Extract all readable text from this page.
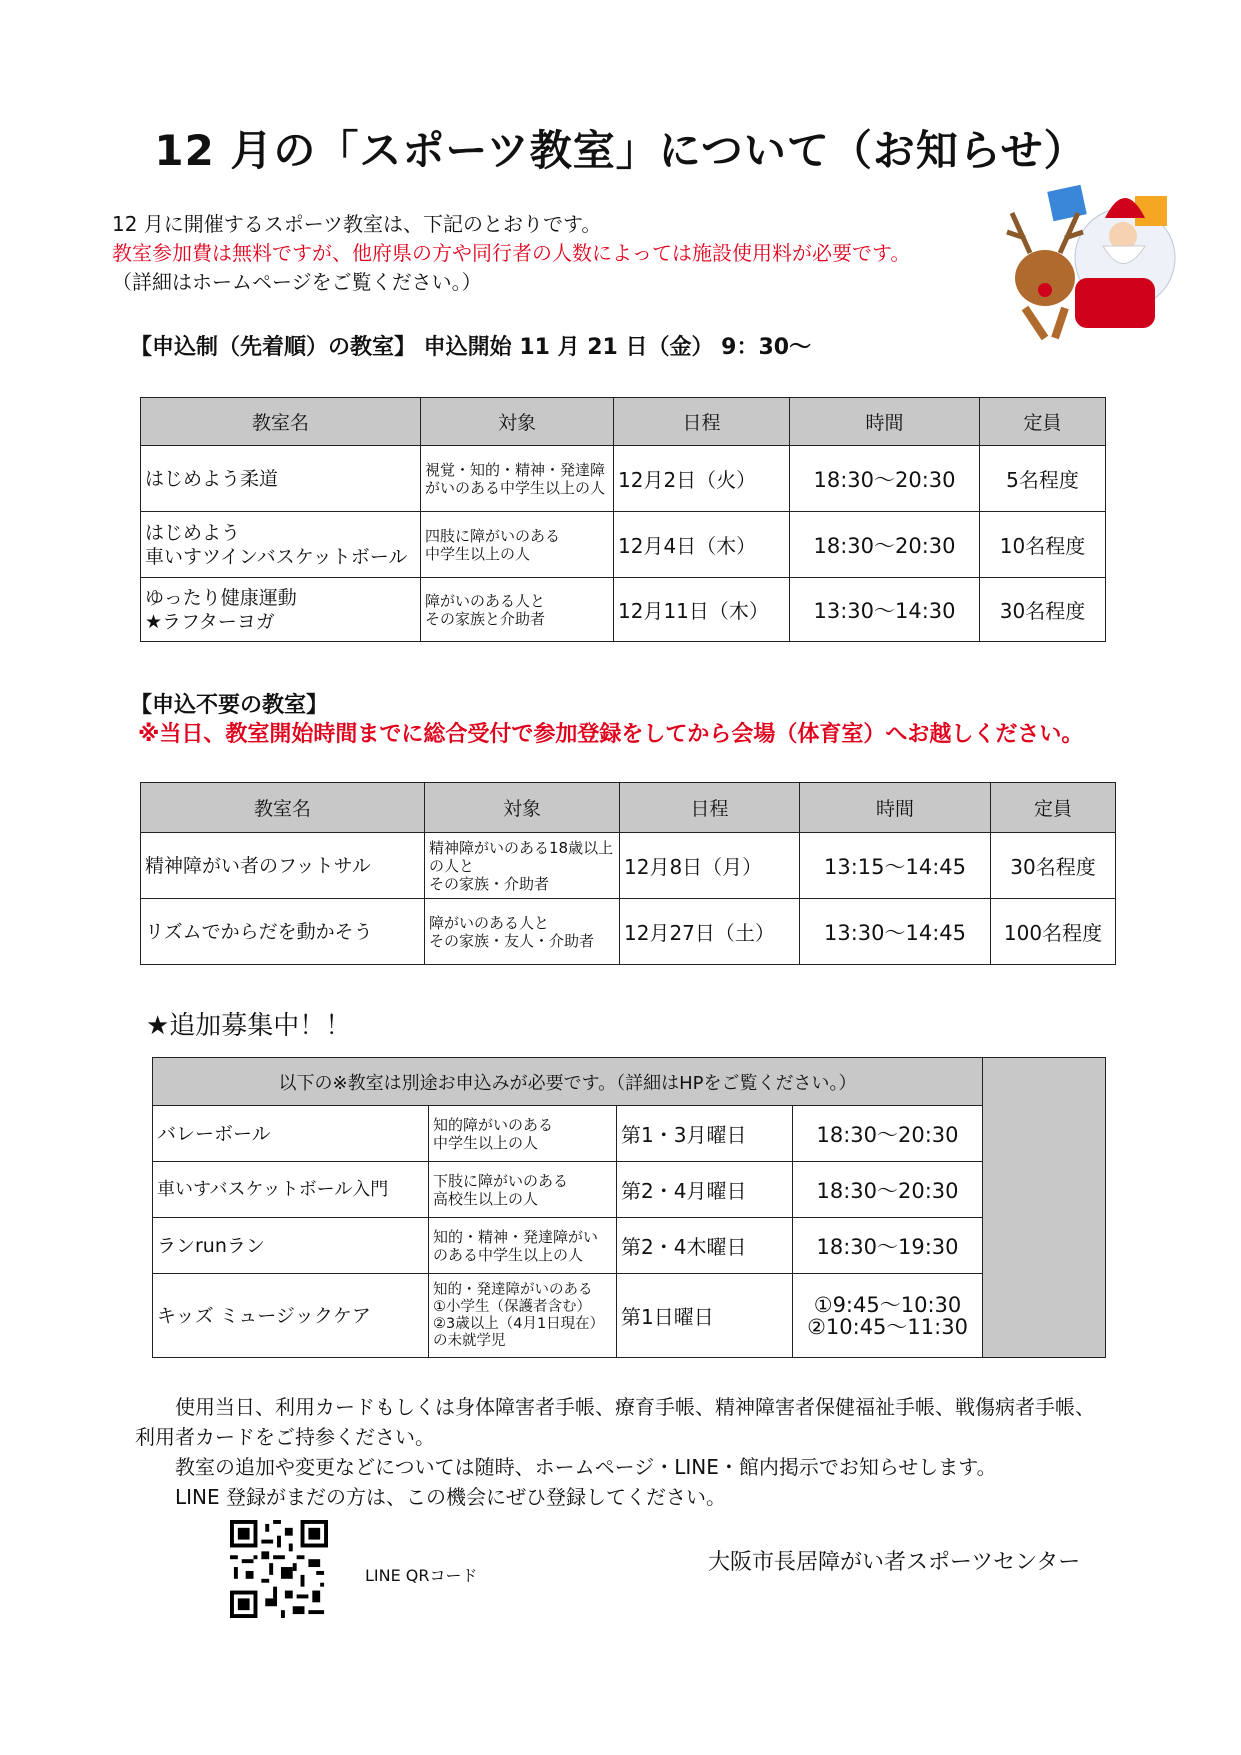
12 月の「スポーツ教室」について（お知らせ）
12 月に開催するスポーツ教室は、下記のとおりです。
教室参加費は無料ですが、他府県の方や同行者の人数によっては施設使用料が必要です。
（詳細はホームページをご覧ください。）
【申込制（先着順）の教室】 申込開始 11 月 21 日（金） 9：30～
教室名	対象	日程	時間	定員
はじめよう柔道	視覚・知的・精神・発達障がいのある中学生以上の人	12月2日（火）	18:30～20:30	5名程度
はじめよう
車いすツインバスケットボール	四肢に障がいのある
中学生以上の人	12月4日（木）	18:30～20:30	10名程度
ゆったり健康運動
★ラフターヨガ	障がいのある人と
その家族と介助者	12月11日（木）	13:30～14:30	30名程度
【申込不要の教室】
※当日、教室開始時間までに総合受付で参加登録をしてから会場（体育室）へお越しください。
教室名	対象	日程	時間	定員
精神障がい者のフットサル	精神障がいのある18歳以上の人と
その家族・介助者	12月8日（月）	13:15～14:45	30名程度
リズムでからだを動かそう	障がいのある人と
その家族・友人・介助者	12月27日（土）	13:30～14:45	100名程度
★追加募集中！！
以下の※教室は別途お申込みが必要です。（詳細はHPをご覧ください。）				
バレーボール	知的障がいのある
中学生以上の人	第1・3月曜日	18:30～20:30	
車いすバスケットボール入門	下肢に障がいのある
高校生以上の人	第2・4月曜日	18:30～20:30	
ランrunラン	知的・精神・発達障がいのある中学生以上の人	第2・4木曜日	18:30～19:30	
キッズ ミュージックケア	知的・発達障がいのある
①小学生（保護者含む）
②3歳以上（4月1日現在）の未就学児	第1日曜日	①9:45～10:30
②10:45～11:30	
　使用当日、利用カードもしくは身体障害者手帳、療育手帳、精神障害者保健福祉手帳、戦傷病者手帳、
利用者カードをご持参ください。
　教室の追加や変更などについては随時、ホームページ・LINE・館内掲示でお知らせします。
　LINE 登録がまだの方は、この機会にぜひ登録してください。
LINE QRコード
大阪市長居障がい者スポーツセンター
